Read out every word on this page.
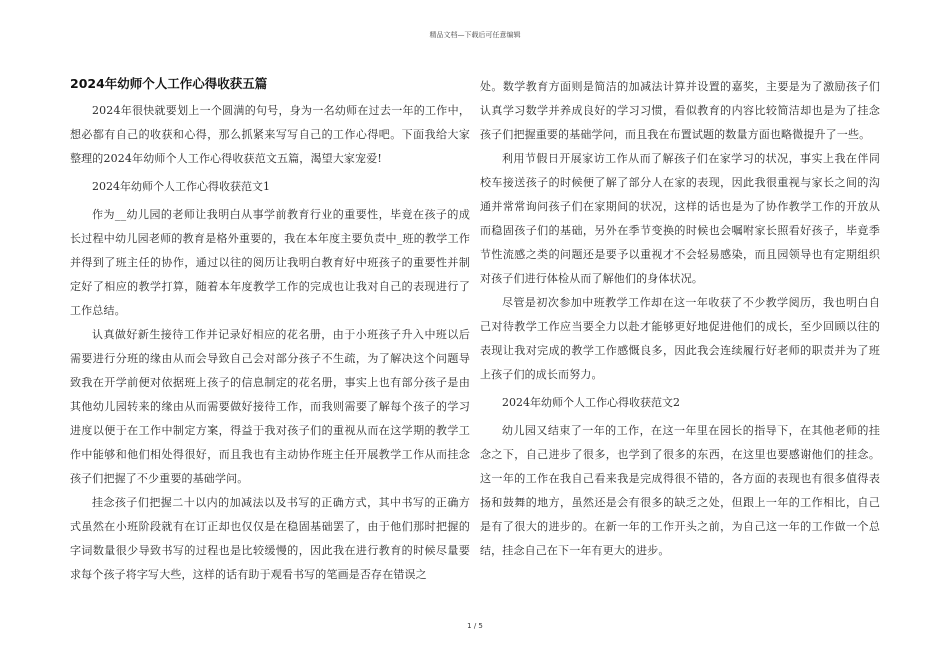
精品文档—下载后可任意编辑
2024年幼师个人工作心得收获五篇

2024年很快就要划上一个圆满的句号，身为一名幼师在过去一年的工作中，想必都有自己的收获和心得，那么抓紧来写写自己的工作心得吧。下面我给大家整理的2024年幼师个人工作心得收获范文五篇，渴望大家宠爱!

2024年幼师个人工作心得收获范文1

作为__幼儿园的老师让我明白从事学前教育行业的重要性，毕竟在孩子的成长过程中幼儿园老师的教育是格外重要的，我在本年度主要负责中_班的教学工作并得到了班主任的协作，通过以往的阅历让我明白教育好中班孩子的重要性并制定好了相应的教学打算，随着本年度教学工作的完成也让我对自己的表现进行了工作总结。

认真做好新生接待工作并记录好相应的花名册，由于小班孩子升入中班以后需要进行分班的缘由从而会导致自己会对部分孩子不生疏，为了解决这个问题导致我在开学前便对依据班上孩子的信息制定的花名册，事实上也有部分孩子是由其他幼儿园转来的缘由从而需要做好接待工作，而我则需要了解每个孩子的学习进度以便于在工作中制定方案，得益于我对孩子们的重视从而在这学期的教学工作中能够和他们相处得很好，而且我也有主动协作班主任开展教学工作从而挂念孩子们把握了不少重要的基础学问。

挂念孩子们把握二十以内的加减法以及书写的正确方式，其中书写的正确方式虽然在小班阶段就有在订正却也仅仅是在稳固基础罢了，由于他们那时把握的字词数量很少导致书写的过程也是比较缓慢的，因此我在进行教育的时候尽量要求每个孩子将字写大些，这样的话有助于观看书写的笔画是否存在错误之

处。数学教育方面则是简洁的加减法计算并设置的嘉奖，主要是为了激励孩子们认真学习数学并养成良好的学习习惯，看似教育的内容比较简洁却也是为了挂念孩子们把握重要的基础学问，而且我在布置试题的数量方面也略微提升了一些。

利用节假日开展家访工作从而了解孩子们在家学习的状况，事实上我在伴同校车接送孩子的时候便了解了部分人在家的表现，因此我很重视与家长之间的沟通并常常询问孩子们在家期间的状况，这样的话也是为了协作教学工作的开放从而稳固孩子们的基础，另外在季节变换的时候也会嘱咐家长照看好孩子，毕竟季节性流感之类的问题还是要予以重视才不会轻易感染，而且园领导也有定期组织对孩子们进行体检从而了解他们的身体状况。

尽管是初次参加中班教学工作却在这一年收获了不少教学阅历，我也明白自己对待教学工作应当要全力以赴才能够更好地促进他们的成长，至少回顾以往的表现让我对完成的教学工作感慨良多，因此我会连续履行好老师的职责并为了班上孩子们的成长而努力。

2024年幼师个人工作心得收获范文2

幼儿园又结束了一年的工作，在这一年里在园长的指导下，在其他老师的挂念之下，自己进步了很多，也学到了很多的东西，在这里也要感谢他们的挂念。这一年的工作在我自己看来我是完成得很不错的，各方面的表现也有很多值得表扬和鼓舞的地方，虽然还是会有很多的缺乏之处，但跟上一年的工作相比，自己是有了很大的进步的。在新一年的工作开头之前，为自己这一年的工作做一个总结，挂念自己在下一年有更大的进步。

1 / 5
